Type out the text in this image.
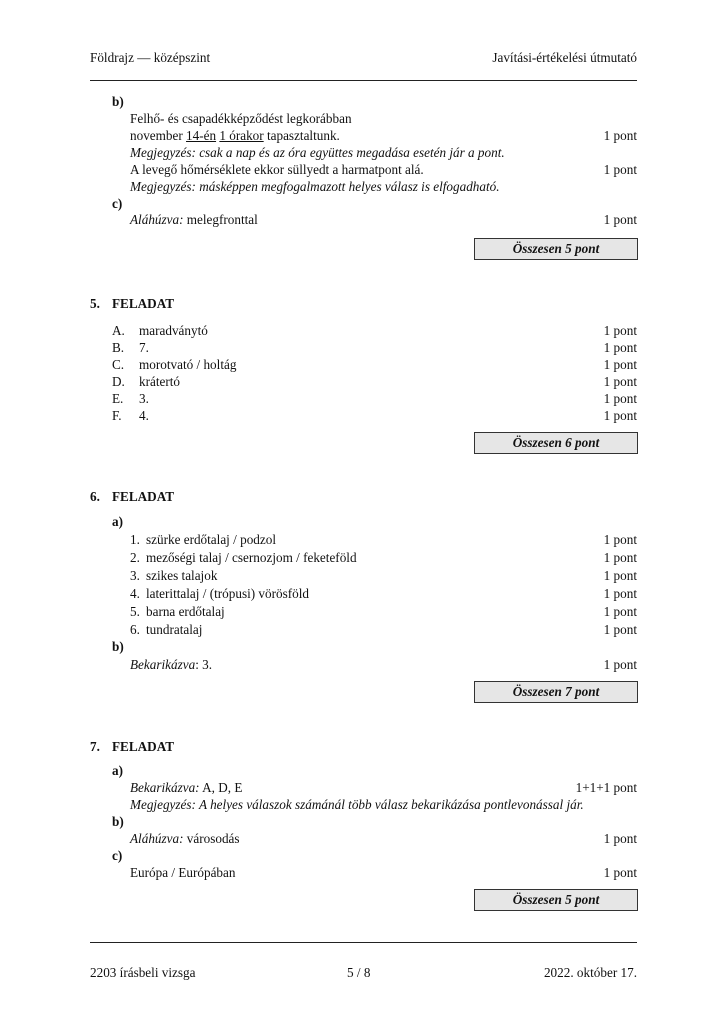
Földrajz — középszint	Javítási-értékelési útmutató
b)
Felhő- és csapadékképződést legkorábban
november 14-én 1 órakor tapasztaltunk.	1 pont
Megjegyzés: csak a nap és az óra együttes megadása esetén jár a pont.
A levegő hőmérséklete ekkor süllyedt a harmatpont alá.	1 pont
Megjegyzés: másképpen megfogalmazott helyes válasz is elfogadható.
c)
Aláhúzva: melegfronttal	1 pont
Összesen 5 pont
5. FELADAT
A. maradványtó	1 pont
B. 7.	1 pont
C. morotvató / holtág	1 pont
D. krátertó	1 pont
E. 3.	1 pont
F. 4.	1 pont
Összesen 6 pont
6. FELADAT
a)
1. szürke erdőtalaj / podzol	1 pont
2. mezőségi talaj / csernozjom / feketeföld	1 pont
3. szikes talajok	1 pont
4. laterittalaj / (trópusi) vörösföld	1 pont
5. barna erdőtalaj	1 pont
6. tundratalaj	1 pont
b)
Bekarikázva: 3.	1 pont
Összesen 7 pont
7. FELADAT
a)
Bekarikázva: A, D, E	1+1+1 pont
Megjegyzés: A helyes válaszok számánál több válasz bekarikázása pontlevonással jár.
b)
Aláhúzva: városodás	1 pont
c)
Európa / Európában	1 pont
Összesen 5 pont
2203 írásbeli vizsga	5 / 8	2022. október 17.
